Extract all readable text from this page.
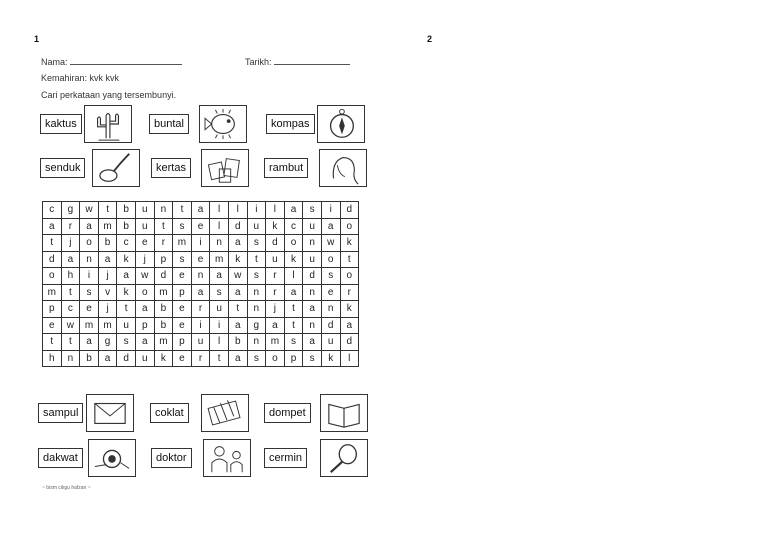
1	2
Nama:	Tarikh:
Kemahiran: kvk kvk
Cari perkataan yang tersembunyi.
kaktus	buntal	kompas
senduk	kertas	rambut
c	g	w	t	b	u	n	t	a	l	l	i	l	a	s	i	d
a	r	a	m	b	u	t	s	e	l	d	u	k	c	u	a	o
t	j	o	b	c	e	r	m	i	n	a	s	d	o	n	w	k
d	a	n	a	k	j	p	s	e	m	k	t	u	k	u	o	t
o	h	i	j	a	w	d	e	n	a	w	s	r	l	d	s	o
m	t	s	v	k	o	m	p	a	s	a	n	r	a	n	e	r
p	c	e	j	t	a	b	e	r	u	t	n	j	t	a	n	k
e	w	m	m	u	p	b	e	i	i	a	g	a	t	n	d	a
t	t	a	g	s	a	m	p	u	l	b	n	m	s	a	u	d
h	n	b	a	d	u	k	e	r	t	a	s	o	p	s	k	l
sampul	coklat	dompet
dakwat	doktor	cermin
~ bism cikgu hafzan ~
